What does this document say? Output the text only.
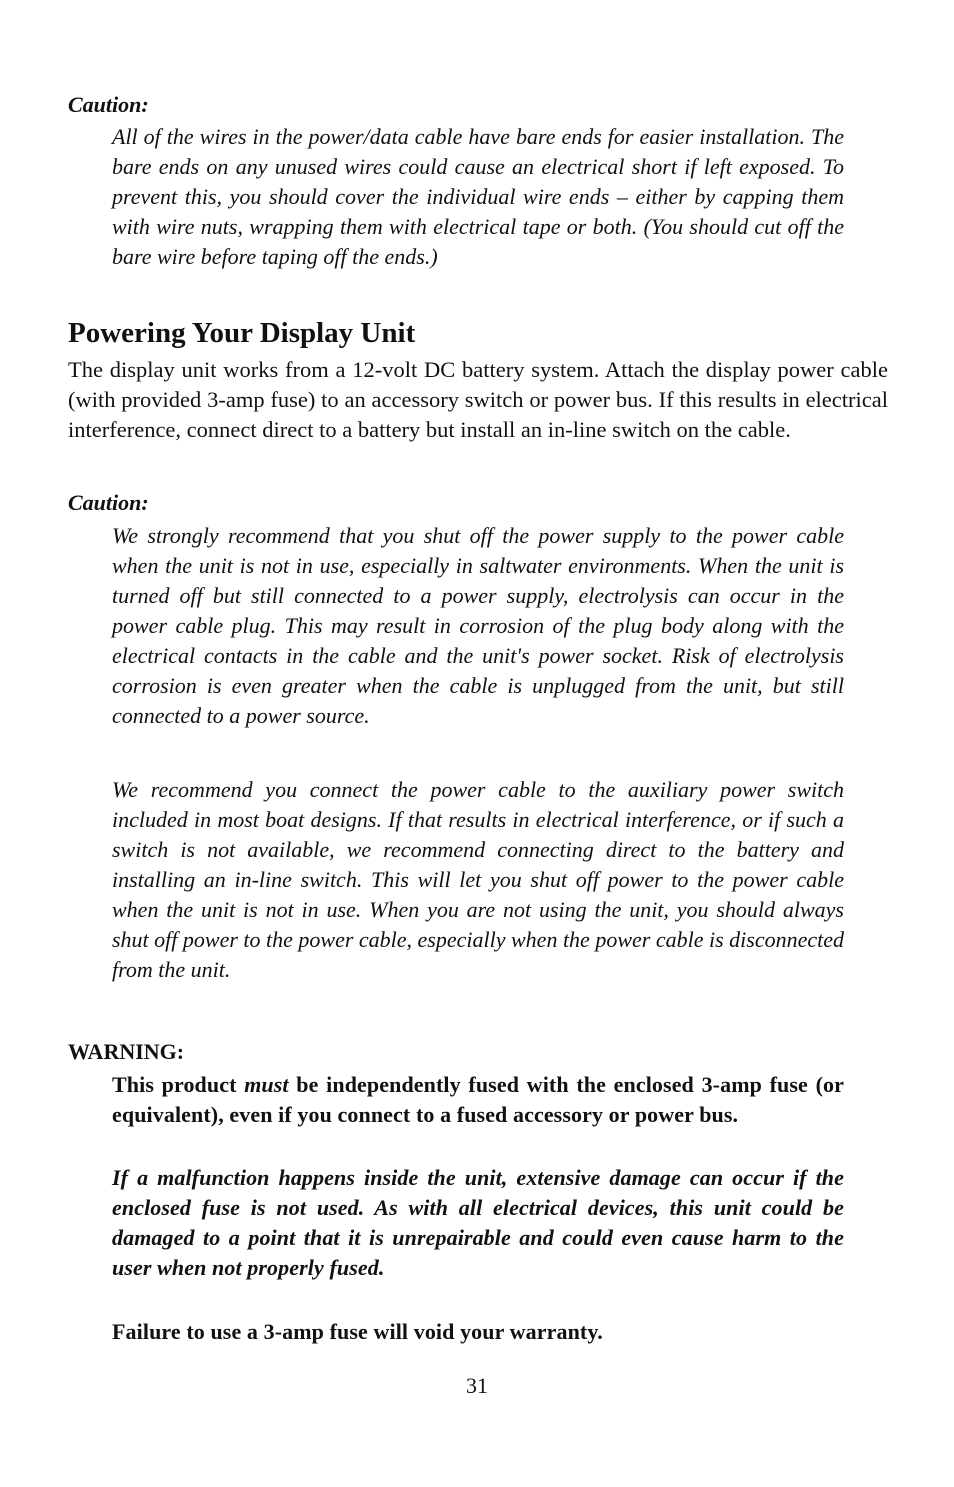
Caution:
All of the wires in the power/data cable have bare ends for easier installation. The bare ends on any unused wires could cause an electrical short if left exposed. To prevent this, you should cover the individual wire ends – either by capping them with wire nuts, wrapping them with electrical tape or both. (You should cut off the bare wire before taping off the ends.)
Powering Your Display Unit
The display unit works from a 12-volt DC battery system. Attach the display power cable (with provided 3-amp fuse) to an accessory switch or power bus. If this results in electrical interference, connect direct to a battery but install an in-line switch on the cable.
Caution:
We strongly recommend that you shut off the power supply to the power cable when the unit is not in use, especially in saltwater environments. When the unit is turned off but still connected to a power supply, electrolysis can occur in the power cable plug. This may result in corrosion of the plug body along with the electrical contacts in the cable and the unit's power socket. Risk of electrolysis corrosion is even greater when the cable is unplugged from the unit, but still connected to a power source.
We recommend you connect the power cable to the auxiliary power switch included in most boat designs. If that results in electrical interference, or if such a switch is not available, we recommend connecting direct to the battery and installing an in-line switch. This will let you shut off power to the power cable when the unit is not in use. When you are not using the unit, you should always shut off power to the power cable, especially when the power cable is disconnected from the unit.
WARNING:
This product must be independently fused with the enclosed 3-amp fuse (or equivalent), even if you connect to a fused accessory or power bus.
If a malfunction happens inside the unit, extensive damage can occur if the enclosed fuse is not used. As with all electrical devices, this unit could be damaged to a point that it is unrepairable and could even cause harm to the user when not properly fused.
Failure to use a 3-amp fuse will void your warranty.
31
